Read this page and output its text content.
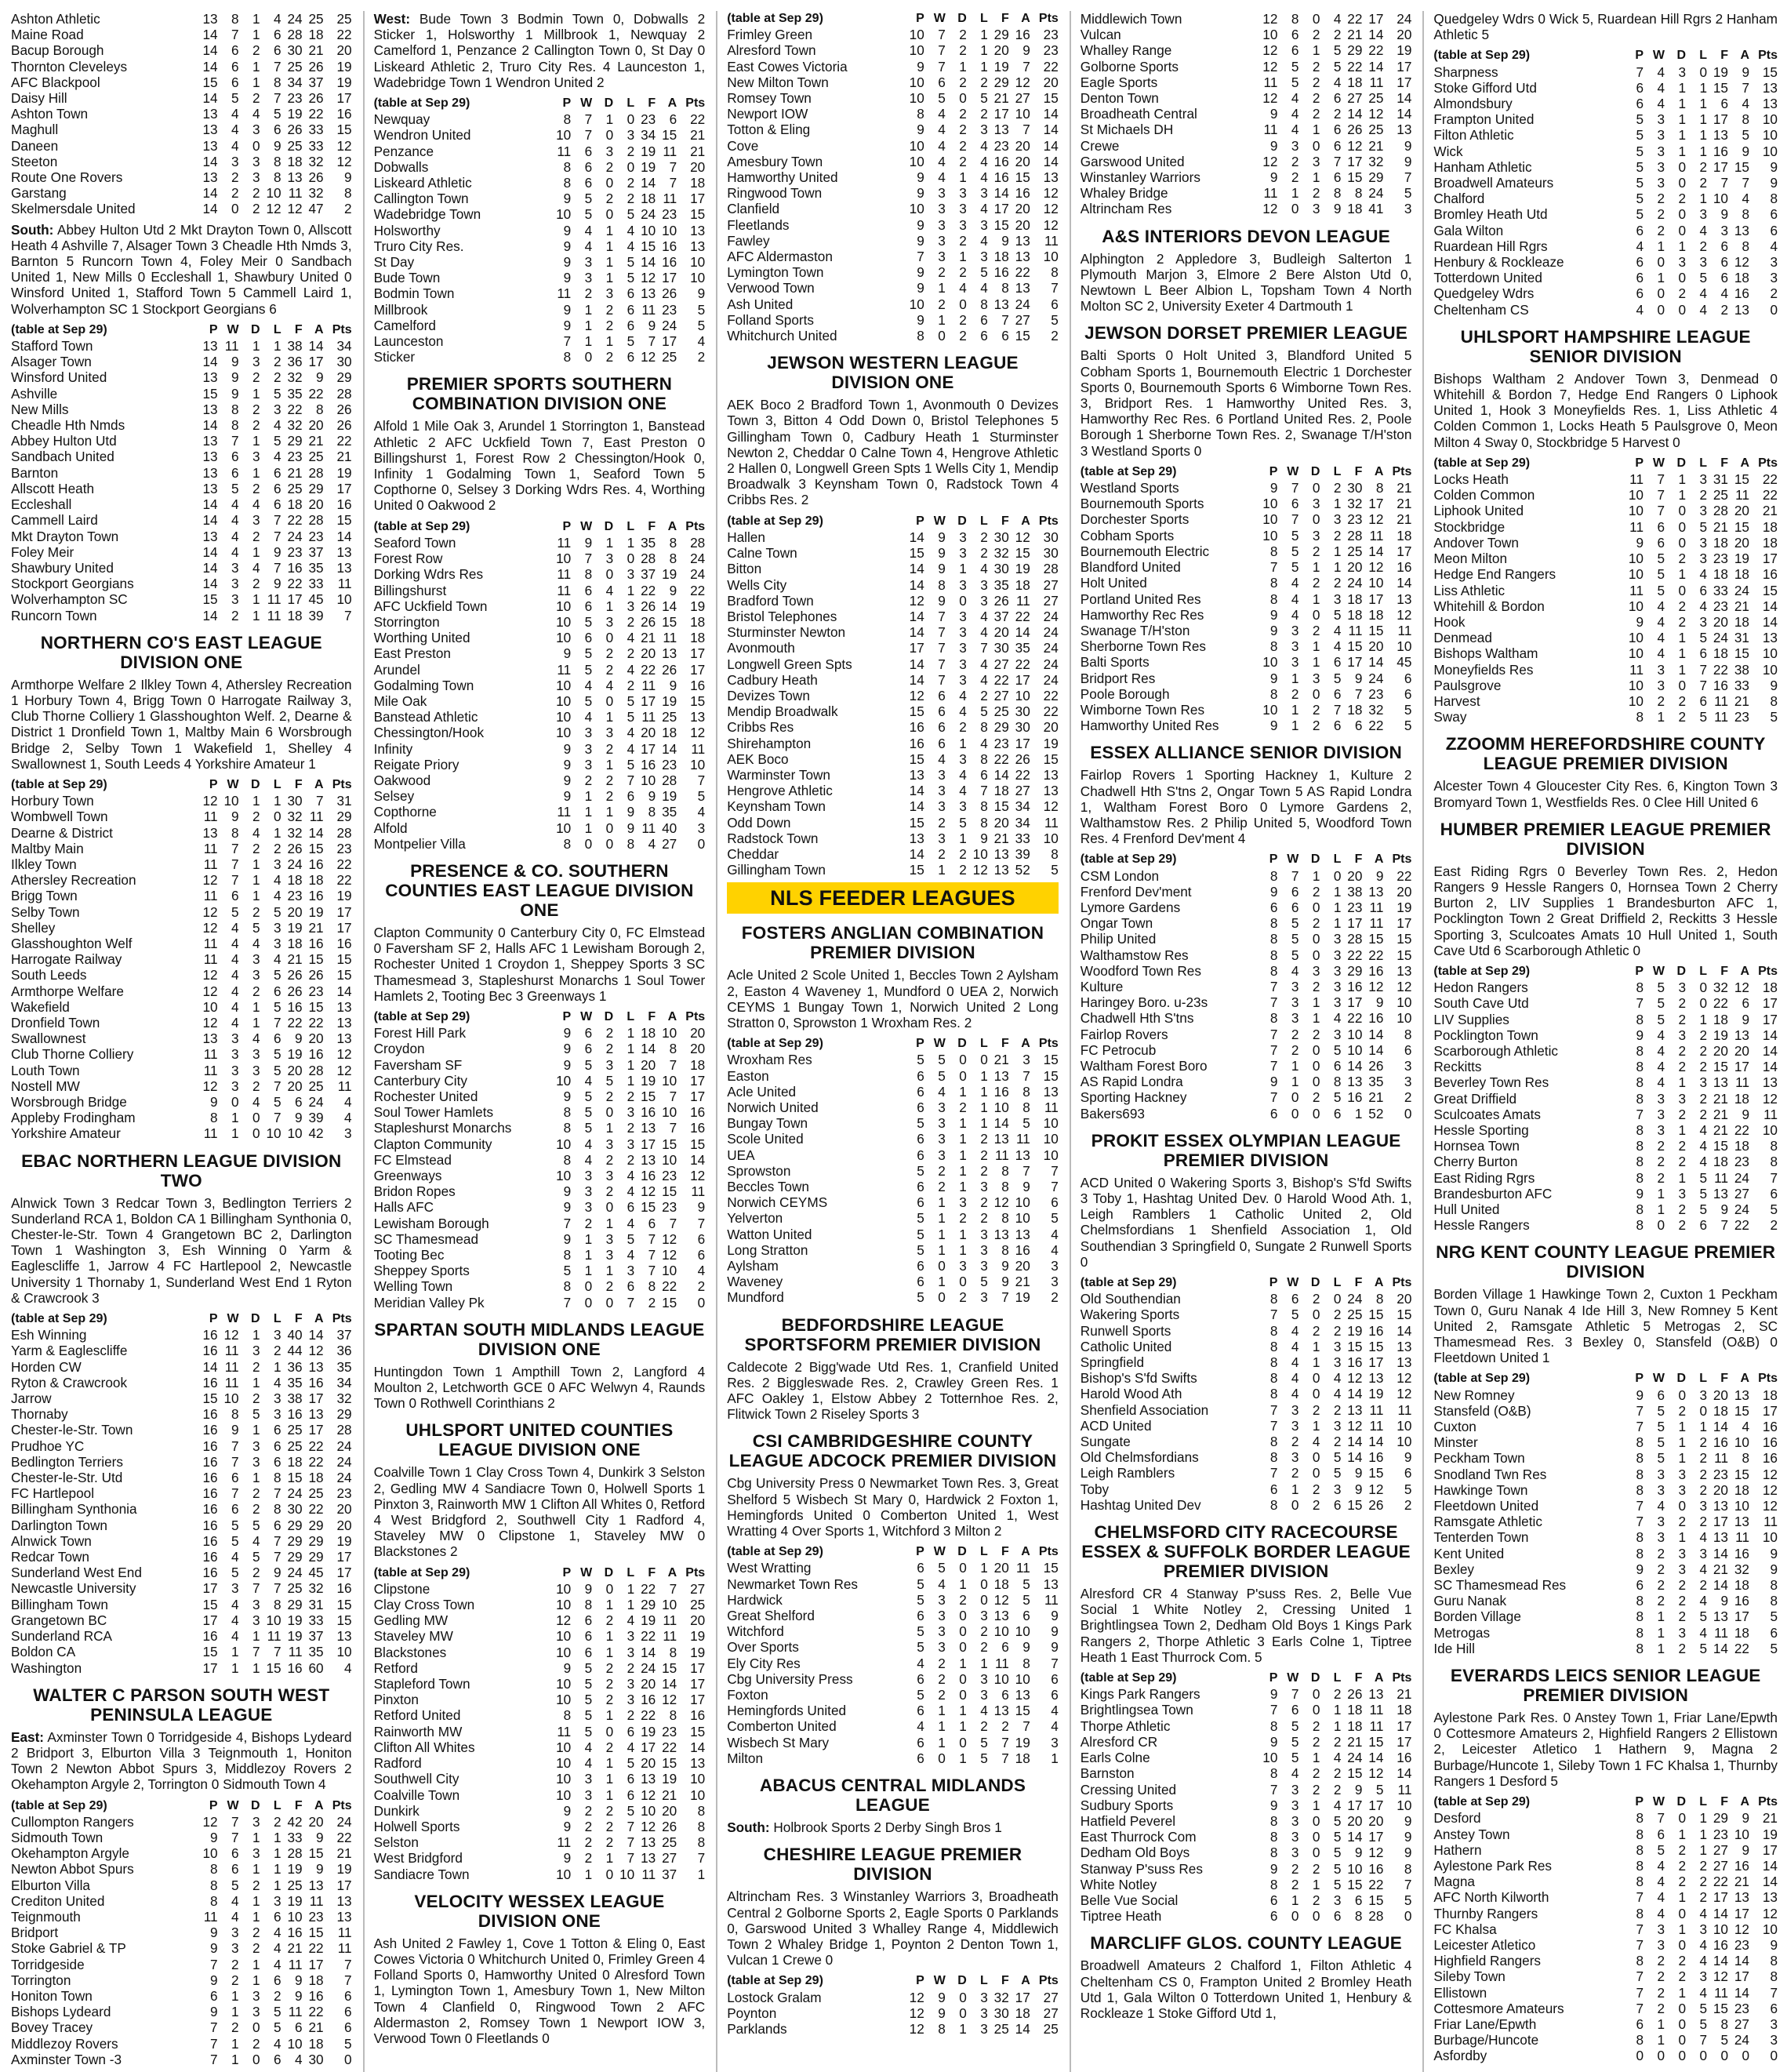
Ashton Athletic	13	8	1	4	24	25	25
Maine Road	14	7	1	6	28	18	22
Bacup Borough	14	6	2	6	30	21	20
Thornton Cleveleys	14	6	1	7	25	26	19
AFC Blackpool	15	6	1	8	34	37	19
Daisy Hill	14	5	2	7	23	26	17
Ashton Town	13	4	4	5	19	22	16
Maghull	13	4	3	6	26	33	15
Daneen	13	4	0	9	25	33	12
Steeton	14	3	3	8	18	32	12
Route One Rovers	13	2	3	8	13	26	9
Garstang	14	2	2	10	11	32	8
Skelmersdale United	14	0	2	12	12	47	2
South: Abbey Hulton Utd 2 Mkt Drayton Town 0, Allscott Heath 4 Ashville 7, Alsager Town 3 Cheadle Hth Nmds 3, Barnton 5 Runcorn Town 4, Foley Meir 0 Sandbach United 1, New Mills 0 Eccleshall 1, Shawbury United 0 Winsford United 1, Stafford Town 5 Cammell Laird 1, Wolverhampton SC 1 Stockport Georgians 6
(table at Sep 29)	P	W	D	L	F	A	Pts
Stafford Town	13	11	1	1	38	14	34
Alsager Town	14	9	3	2	36	17	30
Winsford United	13	9	2	2	32	9	29
Ashville	15	9	1	5	35	22	28
New Mills	13	8	2	3	22	8	26
Cheadle Hth Nmds	14	8	2	4	32	20	26
Abbey Hulton Utd	13	7	1	5	29	21	22
Sandbach United	13	6	3	4	23	25	21
Barnton	13	6	1	6	21	28	19
Allscott Heath	13	5	2	6	25	29	17
Eccleshall	14	4	4	6	18	20	16
Cammell Laird	14	4	3	7	22	28	15
Mkt Drayton Town	13	4	2	7	24	23	14
Foley Meir	14	4	1	9	23	37	13
Shawbury United	14	3	4	7	16	35	13
Stockport Georgians	14	3	2	9	22	33	11
Wolverhampton SC	15	3	1	11	17	45	10
Runcorn Town	14	2	1	11	18	39	7
NORTHERN CO'S EAST LEAGUE DIVISION ONE
Armthorpe Welfare 2 Ilkley Town 4, Athersley Recreation 1 Horbury Town 4, Brigg Town 0 Harrogate Railway 3, Club Thorne Colliery 1 Glasshoughton Welf. 2, Dearne & District 1 Dronfield Town 1, Maltby Main 6 Worsbrough Bridge 2, Selby Town 1 Wakefield 1, Shelley 4 Swallownest 1, South Leeds 4 Yorkshire Amateur 1
(table at Sep 29)	P	W	D	L	F	A	Pts
Horbury Town	12	10	1	1	30	7	31
Wombwell Town	11	9	2	0	32	11	29
Dearne & District	13	8	4	1	32	14	28
Maltby Main	11	7	2	2	26	15	23
Ilkley Town	11	7	1	3	24	16	22
Athersley Recreation	12	7	1	4	18	18	22
Brigg Town	11	6	1	4	23	16	19
Selby Town	12	5	2	5	20	19	17
Shelley	12	4	5	3	19	21	17
Glasshoughton Welf	11	4	4	3	18	16	16
Harrogate Railway	11	4	3	4	21	15	15
South Leeds	12	4	3	5	26	26	15
Armthorpe Welfare	12	4	2	6	26	23	14
Wakefield	10	4	1	5	16	15	13
Dronfield Town	12	4	1	7	22	22	13
Swallownest	13	3	4	6	9	20	13
Club Thorne Colliery	11	3	3	5	19	16	12
Louth Town	11	3	3	5	20	28	12
Nostell MW	12	3	2	7	20	25	11
Worsbrough Bridge	9	0	4	5	6	24	4
Appleby Frodingham	8	1	0	7	9	39	4
Yorkshire Amateur	11	1	0	10	10	42	3
EBAC NORTHERN LEAGUE DIVISION TWO
Alnwick Town 3 Redcar Town 3, Bedlington Terriers 2 Sunderland RCA 1, Boldon CA 1 Billingham Synthonia 0, Chester-le-Str. Town 4 Grangetown BC 2, Darlington Town 1 Washington 3, Esh Winning 0 Yarm & Eaglescliffe 1, Jarrow 4 FC Hartlepool 2, Newcastle University 1 Thornaby 1, Sunderland West End 1 Ryton & Crawcrook 3
(table at Sep 29)	P	W	D	L	F	A	Pts
Esh Winning	16	12	1	3	40	14	37
Yarm & Eaglescliffe	16	11	3	2	44	12	36
Horden CW	14	11	2	1	36	13	35
Ryton & Crawcrook	16	11	1	4	35	16	34
Jarrow	15	10	2	3	38	17	32
Thornaby	16	8	5	3	16	13	29
Chester-le-Str. Town	16	9	1	6	25	17	28
Prudhoe YC	16	7	3	6	25	22	24
Bedlington Terriers	16	7	3	6	18	22	24
Chester-le-Str. Utd	16	6	1	8	15	18	24
FC Hartlepool	16	7	2	7	24	25	23
Billingham Synthonia	16	6	2	8	30	22	20
Darlington Town	16	5	5	6	29	29	20
Alnwick Town	16	5	4	7	29	29	19
Redcar Town	16	4	5	7	29	29	17
Sunderland West End	16	5	2	9	24	45	17
Newcastle University	17	3	7	7	25	32	16
Billingham Town	15	4	3	8	29	31	15
Grangetown BC	17	4	3	10	19	33	15
Sunderland RCA	16	4	1	11	19	37	13
Boldon CA	15	1	7	7	11	35	10
Washington	17	1	1	15	16	60	4
WALTER C PARSON SOUTH WEST PENINSULA LEAGUE
East: Axminster Town 0 Torridgeside 4, Bishops Lydeard 2 Bridport 3, Elburton Villa 3 Teignmouth 1, Honiton Town 2 Newton Abbot Spurs 3, Middlezoy Rovers 2 Okehampton Argyle 2, Torrington 0 Sidmouth Town 4
(table at Sep 29)	P	W	D	L	F	A	Pts
Cullompton Rangers	12	7	3	2	42	20	24
Sidmouth Town	9	7	1	1	33	9	22
Okehampton Argyle	10	6	3	1	28	15	21
Newton Abbot Spurs	8	6	1	1	19	9	19
Elburton Villa	8	5	2	1	25	13	17
Crediton United	8	4	1	3	19	11	13
Teignmouth	11	4	1	6	10	23	13
Bridport	9	3	2	4	16	15	11
Stoke Gabriel & TP	9	3	2	4	21	22	11
Torridgeside	7	2	1	4	11	17	7
Torrington	9	2	1	6	9	18	7
Honiton Town	6	1	3	2	9	16	6
Bishops Lydeard	9	1	3	5	11	22	6
Bovey Tracey	7	2	0	5	6	21	6
Middlezoy Rovers	7	1	2	4	10	18	5
Axminster Town -3	7	1	0	6	4	30	0
West: Bude Town 3 Bodmin Town 0, Dobwalls 2 Sticker 1, Holsworthy 1 Millbrook 1, Newquay 2 Camelford 1, Penzance 2 Callington Town 0, St Day 0 Liskeard Athletic 2, Truro City Res. 4 Launceston 1, Wadebridge Town 1 Wendron United 2
(table at Sep 29)	P	W	D	L	F	A	Pts
Newquay	8	7	1	0	23	6	22
Wendron United	10	7	0	3	34	15	21
Penzance	11	6	3	2	19	11	21
Dobwalls	8	6	2	0	19	7	20
Liskeard Athletic	8	6	0	2	14	7	18
Callington Town	9	5	2	2	18	11	17
Wadebridge Town	10	5	0	5	24	23	15
Holsworthy	9	4	1	4	10	10	13
Truro City Res.	9	4	1	4	15	16	13
St Day	9	3	1	5	14	16	10
Bude Town	9	3	1	5	12	17	10
Bodmin Town	11	2	3	6	13	26	9
Millbrook	9	1	2	6	11	23	5
Camelford	9	1	2	6	9	24	5
Launceston	7	1	1	5	7	17	4
Sticker	8	0	2	6	12	25	2
PREMIER SPORTS SOUTHERN COMBINATION DIVISION ONE
Alfold 1 Mile Oak 3, Arundel 1 Storrington 1, Banstead Athletic 2 AFC Uckfield Town 7, East Preston 0 Billingshurst 1, Forest Row 2 Chessington/Hook 0, Infinity 1 Godalming Town 1, Seaford Town 5 Copthorne 0, Selsey 3 Dorking Wdrs Res. 4, Worthing United 0 Oakwood 2
(table at Sep 29)	P	W	D	L	F	A	Pts
Seaford Town	11	9	1	1	35	8	28
Forest Row	10	7	3	0	28	8	24
Dorking Wdrs Res	11	8	0	3	37	19	24
Billingshurst	11	6	4	1	22	9	22
AFC Uckfield Town	10	6	1	3	26	14	19
Storrington	10	5	3	2	26	15	18
Worthing United	10	6	0	4	21	11	18
East Preston	9	5	2	2	20	13	17
Arundel	11	5	2	4	22	26	17
Godalming Town	10	4	4	2	11	9	16
Mile Oak	10	5	0	5	17	19	15
Banstead Athletic	10	4	1	5	11	25	13
Chessington/Hook	10	3	3	4	20	18	12
Infinity	9	3	2	4	17	14	11
Reigate Priory	9	3	1	5	16	23	10
Oakwood	9	2	2	7	10	28	7
Selsey	9	1	2	6	9	19	5
Copthorne	11	1	1	9	8	35	4
Alfold	10	1	0	9	11	40	3
Montpelier Villa	8	0	0	8	4	27	0
PRESENCE & CO. SOUTHERN COUNTIES EAST LEAGUE DIVISION ONE
Clapton Community 0 Canterbury City 0, FC Elmstead 0 Faversham SF 2, Halls AFC 1 Lewisham Borough 2, Rochester United 1 Croydon 1, Sheppey Sports 3 SC Thamesmead 3, Stapleshurst Monarchs 1 Soul Tower Hamlets 2, Tooting Bec 3 Greenways 1
(table at Sep 29)	P	W	D	L	F	A	Pts
Forest Hill Park	9	6	2	1	18	10	20
Croydon	9	6	2	1	14	8	20
Faversham SF	9	5	3	1	20	7	18
Canterbury City	10	4	5	1	19	10	17
Rochester United	9	5	2	2	15	7	17
Soul Tower Hamlets	8	5	0	3	16	10	16
Stapleshurst Monarchs	8	5	1	2	13	7	16
Clapton Community	10	4	3	3	17	15	15
FC Elmstead	8	4	2	2	13	10	14
Greenways	10	3	3	4	16	23	12
Bridon Ropes	9	3	2	4	12	15	11
Halls AFC	9	3	0	6	15	23	9
Lewisham Borough	7	2	1	4	6	7	7
SC Thamesmead	9	1	3	5	7	12	6
Tooting Bec	8	1	3	4	7	12	6
Sheppey Sports	5	1	1	3	7	10	4
Welling Town	8	0	2	6	8	22	2
Meridian Valley Pk	7	0	0	7	2	15	0
SPARTAN SOUTH MIDLANDS LEAGUE DIVISION ONE
Huntingdon Town 1 Ampthill Town 2, Langford 4 Moulton 2, Letchworth GCE 0 AFC Welwyn 4, Raunds Town 0 Rothwell Corinthians 2
UHLSPORT UNITED COUNTIES LEAGUE DIVISION ONE
Coalville Town 1 Clay Cross Town 4, Dunkirk 3 Selston 2, Gedling MW 4 Sandiacre Town 0, Holwell Sports 1 Pinxton 3, Rainworth MW 1 Clifton All Whites 0, Retford 4 West Bridgford 2, Southwell City 1 Radford 4, Staveley MW 0 Clipstone 1, Staveley MW 0 Blackstones 2
(table at Sep 29)	P	W	D	L	F	A	Pts
Clipstone	10	9	0	1	22	7	27
Clay Cross Town	10	8	1	1	29	10	25
Gedling MW	12	6	2	4	19	11	20
Staveley MW	10	6	1	3	22	11	19
Blackstones	10	6	1	3	14	8	19
Retford	9	5	2	2	24	15	17
Stapleford Town	10	5	2	3	20	14	17
Pinxton	10	5	2	3	16	12	17
Retford United	8	5	1	2	22	8	16
Rainworth MW	11	5	0	6	19	23	15
Clifton All Whites	10	4	2	4	17	22	14
Radford	10	4	1	5	20	15	13
Southwell City	10	3	1	6	13	19	10
Coalville Town	10	3	1	6	12	21	10
Dunkirk	9	2	2	5	10	20	8
Holwell Sports	9	2	2	7	12	26	8
Selston	11	2	2	7	13	25	8
West Bridgford	9	2	1	7	13	27	7
Sandiacre Town	10	1	0	10	11	37	1
VELOCITY WESSEX LEAGUE DIVISION ONE
Ash United 2 Fawley 1, Cove 1 Totton & Eling 0, East Cowes Victoria 0 Whitchurch United 0, Frimley Green 4 Folland Sports 0, Hamworthy United 0 Alresford Town 1, Lymington Town 1, Amesbury Town 1, New Milton Town 4 Clanfield 0, Ringwood Town 2 AFC Aldermaston 2, Romsey Town 1 Newport IOW 3, Verwood Town 0 Fleetlands 0
(table at Sep 29)	P	W	D	L	F	A	Pts
Frimley Green	10	7	2	1	29	16	23
Alresford Town	10	7	2	1	20	9	23
East Cowes Victoria	9	7	1	1	19	7	22
New Milton Town	10	6	2	2	29	12	20
Romsey Town	10	5	0	5	21	27	15
Newport IOW	8	4	2	2	17	10	14
Totton & Eling	9	4	2	3	13	7	14
Cove	10	4	2	4	23	20	14
Amesbury Town	10	4	2	4	16	20	14
Hamworthy United	9	4	1	4	16	15	13
Ringwood Town	9	3	3	3	14	16	12
Clanfield	10	3	3	4	17	20	12
Fleetlands	9	3	3	3	15	20	12
Fawley	9	3	2	4	9	13	11
AFC Aldermaston	7	3	1	3	18	13	10
Lymington Town	9	2	2	5	16	22	8
Verwood Town	9	1	4	4	8	13	7
Ash United	10	2	0	8	13	24	6
Folland Sports	9	1	2	6	7	27	5
Whitchurch United	8	0	2	6	6	15	2
JEWSON WESTERN LEAGUE DIVISION ONE
AEK Boco 2 Bradford Town 1, Avonmouth 0 Devizes Town 3, Bitton 4 Odd Down 0, Bristol Telephones 5 Gillingham Town 0, Cadbury Heath 1 Sturminster Newton 2, Cheddar 0 Calne Town 4, Hengrove Athletic 2 Hallen 0, Longwell Green Spts 1 Wells City 1, Mendip Broadwalk 3 Keynsham Town 0, Radstock Town 4 Cribbs Res. 2
(table at Sep 29)	P	W	D	L	F	A	Pts
Hallen	14	9	3	2	30	12	30
Calne Town	15	9	3	2	32	15	30
Bitton	14	9	1	4	30	19	28
Wells City	14	8	3	3	35	18	27
Bradford Town	12	9	0	3	26	11	27
Bristol Telephones	14	7	3	4	37	22	24
Sturminster Newton	14	7	3	4	20	14	24
Avonmouth	17	7	3	7	30	35	24
Longwell Green Spts	14	7	3	4	27	22	24
Cadbury Heath	14	7	3	4	22	17	24
Devizes Town	12	6	4	2	27	10	22
Mendip Broadwalk	15	6	4	5	25	30	22
Cribbs Res	16	6	2	8	29	30	20
Shirehampton	16	6	1	4	23	17	19
AEK Boco	15	4	3	8	22	26	15
Warminster Town	13	3	4	6	14	22	13
Hengrove Athletic	14	3	4	7	18	27	13
Keynsham Town	14	3	3	8	15	34	12
Odd Down	15	2	5	8	20	34	11
Radstock Town	13	3	1	9	21	33	10
Cheddar	14	2	2	10	13	39	8
Gillingham Town	15	1	2	12	13	52	5
NLS FEEDER LEAGUES
FOSTERS ANGLIAN COMBINATION PREMIER DIVISION
Acle United 2 Scole United 1, Beccles Town 2 Aylsham 2, Easton 4 Waveney 1, Mundford 0 UEA 2, Norwich CEYMS 1 Bungay Town 1, Norwich United 2 Long Stratton 0, Sprowston 1 Wroxham Res. 2
(table at Sep 29)	P	W	D	L	F	A	Pts
Wroxham Res	5	5	0	0	21	3	15
Easton	6	5	0	1	13	7	15
Acle United	6	4	1	1	16	8	13
Norwich United	6	3	2	1	10	8	11
Bungay Town	5	3	1	1	14	5	10
Scole United	6	3	1	2	13	11	10
UEA	6	3	1	2	11	13	10
Sprowston	5	2	1	2	8	7	7
Beccles Town	6	2	1	3	8	9	7
Norwich CEYMS	6	1	3	2	12	10	6
Yelverton	5	1	2	2	8	10	5
Watton United	5	1	1	3	13	13	4
Long Stratton	5	1	1	3	8	16	4
Aylsham	6	0	3	3	9	20	3
Waveney	6	1	0	5	9	21	3
Mundford	5	0	2	3	7	19	2
BEDFORDSHIRE LEAGUE SPORTSFORM PREMIER DIVISION
Caldecote 2 Bigg'wade Utd Res. 1, Cranfield United Res. 2 Biggleswade Res. 2, Crawley Green Res. 1 AFC Oakley 1, Elstow Abbey 2 Totternhoe Res. 2, Flitwick Town 2 Riseley Sports 3
CSI CAMBRIDGESHIRE COUNTY LEAGUE ADCOCK PREMIER DIVISION
Cbg University Press 0 Newmarket Town Res. 3, Great Shelford 5 Wisbech St Mary 0, Hardwick 2 Foxton 1, Hemingfords United 0 Comberton United 1, West Wratting 4 Over Sports 1, Witchford 3 Milton 2
(table at Sep 29)	P	W	D	L	F	A	Pts
West Wratting	6	5	0	1	20	11	15
Newmarket Town Res	5	4	1	0	18	5	13
Hardwick	5	3	2	0	12	5	11
Great Shelford	6	3	0	3	13	6	9
Witchford	5	3	0	2	10	10	9
Over Sports	5	3	0	2	6	9	9
Ely City Res	4	2	1	1	11	8	7
Cbg University Press	6	2	0	3	10	10	6
Foxton	5	2	0	3	6	13	6
Hemingfords United	6	1	1	4	13	15	4
Comberton United	4	1	1	2	2	7	4
Wisbech St Mary	6	1	0	5	7	19	3
Milton	6	0	1	5	7	18	1
ABACUS CENTRAL MIDLANDS LEAGUE
South: Holbrook Sports 2 Derby Singh Bros 1
CHESHIRE LEAGUE PREMIER DIVISION
Altrincham Res. 3 Winstanley Warriors 3, Broadheath Central 2 Golborne Sports 2, Eagle Sports 0 Parklands 0, Garswood United 3 Whalley Range 4, Middlewich Town 2 Whaley Bridge 1, Poynton 2 Denton Town 1, Vulcan 1 Crewe 0
(table at Sep 29)	P	W	D	L	F	A	Pts
Lostock Gralam	12	9	0	3	32	17	27
Poynton	12	9	0	3	30	18	27
Parklands	12	8	1	3	25	14	25

Middlewich Town	12	8	0	4	22	17	24
Vulcan	10	6	2	2	21	14	20
Whalley Range	12	6	1	5	29	22	19
Golborne Sports	12	5	2	5	22	14	17
Eagle Sports	11	5	2	4	18	11	17
Denton Town	12	4	2	6	27	25	14
Broadheath Central	9	4	2	2	14	12	14
St Michaels DH	11	4	1	6	26	25	13
Crewe	9	3	0	6	12	21	9
Garswood United	12	2	3	7	17	32	9
Winstanley Warriors	9	2	1	6	15	29	7
Whaley Bridge	11	1	2	8	8	24	5
Altrincham Res	12	0	3	9	18	41	3
A&S INTERIORS DEVON LEAGUE
Alphington 2 Appledore 3, Budleigh Salterton 1 Plymouth Marjon 3, Elmore 2 Bere Alston Utd 0, Newtown L Beer Albion L, Topsham Town 4 North Molton SC 2, University Exeter 4 Dartmouth 1
JEWSON DORSET PREMIER LEAGUE
Balti Sports 0 Holt United 3, Blandford United 5 Cobham Sports 1, Bournemouth Electric 1 Dorchester Sports 0, Bournemouth Sports 6 Wimborne Town Res. 3, Bridport Res. 1 Hamworthy United Res. 3, Hamworthy Rec Res. 6 Portland United Res. 2, Poole Borough 1 Sherborne Town Res. 2, Swanage T/H'ston 3 Westland Sports 0
(table at Sep 29)	P	W	D	L	F	A	Pts
Westland Sports	9	7	0	2	30	8	21
Bournemouth Sports	10	6	3	1	32	17	21
Dorchester Sports	10	7	0	3	23	12	21
Cobham Sports	10	5	3	2	28	11	18
Bournemouth Electric	8	5	2	1	25	14	17
Blandford United	7	5	1	1	20	12	16
Holt United	8	4	2	2	24	10	14
Portland United Res	8	4	1	3	18	17	13
Hamworthy Rec Res	9	4	0	5	18	18	12
Swanage T/H'ston	9	3	2	4	11	15	11
Sherborne Town Res	8	3	1	4	15	20	10
Balti Sports	10	3	1	6	17	14	45
Bridport Res	9	1	3	5	9	24	6
Poole Borough	8	2	0	6	7	23	6
Wimborne Town Res	10	1	2	7	18	32	5
Hamworthy United Res	9	1	2	6	6	22	5
ESSEX ALLIANCE SENIOR DIVISION
Fairlop Rovers 1 Sporting Hackney 1, Kulture 2 Chadwell Hth S'tns 2, Ongar Town 5 AS Rapid Londra 1, Waltham Forest Boro 0 Lymore Gardens 2, Walthamstow Res. 2 Philip United 5, Woodford Town Res. 4 Frenford Dev'ment 4
(table at Sep 29)	P	W	D	L	F	A	Pts
CSM London	8	7	1	0	20	9	22
Frenford Dev'ment	9	6	2	1	38	13	20
Lymore Gardens	6	6	0	1	23	11	19
Ongar Town	8	5	2	1	17	11	17
Philip United	8	5	0	3	28	15	15
Walthamstow Res	8	5	0	3	22	22	15
Woodford Town Res	8	4	3	3	29	16	13
Kulture	7	3	2	3	16	12	12
Haringey Boro. u-23s	7	3	1	3	17	9	10
Chadwell Hth S'tns	8	3	1	4	22	16	10
Fairlop Rovers	7	2	2	3	10	14	8
FC Petrocub	7	2	0	5	10	14	6
Waltham Forest Boro	7	1	0	6	14	26	3
AS Rapid Londra	9	1	0	8	13	35	3
Sporting Hackney	7	0	2	5	16	21	2
Bakers693	6	0	0	6	1	52	0
PROKIT ESSEX OLYMPIAN LEAGUE PREMIER DIVISION
ACD United 0 Wakering Sports 3, Bishop's S'fd Swifts 3 Toby 1, Hashtag United Dev. 0 Harold Wood Ath. 1, Leigh Ramblers 1 Catholic United 2, Old Chelmsfordians 1 Shenfield Association 1, Old Southendian 3 Springfield 0, Sungate 2 Runwell Sports 0
(table at Sep 29)	P	W	D	L	F	A	Pts
Old Southendian	8	6	2	0	24	8	20
Wakering Sports	7	5	0	2	25	15	15
Runwell Sports	8	4	2	2	19	16	14
Catholic United	8	4	1	3	15	15	13
Springfield	8	4	1	3	16	17	13
Bishop's S'fd Swifts	8	4	0	4	12	13	12
Harold Wood Ath	8	4	0	4	14	19	12
Shenfield Association	7	3	2	2	13	11	11
ACD United	7	3	1	3	12	11	10
Sungate	8	2	4	2	14	14	10
Old Chelmsfordians	8	3	0	5	14	16	9
Leigh Ramblers	7	2	0	5	9	15	6
Toby	6	1	2	3	9	12	5
Hashtag United Dev	8	0	2	6	15	26	2
CHELMSFORD CITY RACECOURSE ESSEX & SUFFOLK BORDER LEAGUE PREMIER DIVISION
Alresford CR 4 Stanway P'suss Res. 2, Belle Vue Social 1 White Notley 2, Cressing United 1 Brightlingsea Town 2, Dedham Old Boys 1 Kings Park Rangers 2, Thorpe Athletic 3 Earls Colne 1, Tiptree Heath 1 East Thurrock Com. 5
(table at Sep 29)	P	W	D	L	F	A	Pts
Kings Park Rangers	9	7	0	2	26	13	21
Brightlingsea Town	7	6	0	1	18	11	18
Thorpe Athletic	8	5	2	1	18	11	17
Alresford CR	9	5	2	2	21	15	17
Earls Colne	10	5	1	4	24	14	16
Barnston	8	4	2	2	15	12	14
Cressing United	7	3	2	2	9	5	11
Sudbury Sports	9	3	1	4	17	17	10
Hatfield Peverel	8	3	0	5	20	20	9
East Thurrock Com	8	3	0	5	14	17	9
Dedham Old Boys	8	3	0	5	9	12	9
Stanway P'suss Res	9	2	2	5	10	16	8
White Notley	8	2	1	5	15	22	7
Belle Vue Social	6	1	2	3	6	15	5
Tiptree Heath	6	0	0	6	8	28	0
MARCLIFF GLOS. COUNTY LEAGUE
Broadwell Amateurs 2 Chalford 1, Filton Athletic 4 Cheltenham CS 0, Frampton United 2 Bromley Heath Utd 1, Gala Wilton 0 Totterdown United 1, Henbury & Rockleaze 1 Stoke Gifford Utd 1,
Quedgeley Wdrs 0 Wick 5, Ruardean Hill Rgrs 2 Hanham Athletic 5
(table at Sep 29)	P	W	D	L	F	A	Pts
Sharpness	7	4	3	0	19	9	15
Stoke Gifford Utd	6	4	1	1	15	7	13
Almondsbury	6	4	1	1	6	4	13
Frampton United	5	3	1	1	17	8	10
Filton Athletic	5	3	1	1	13	5	10
Wick	5	3	1	1	16	9	10
Hanham Athletic	5	3	0	2	17	15	9
Broadwell Amateurs	5	3	0	2	7	7	9
Chalford	5	2	2	1	10	4	8
Bromley Heath Utd	5	2	0	3	9	8	6
Gala Wilton	6	2	0	4	3	13	6
Ruardean Hill Rgrs	4	1	1	2	6	8	4
Henbury & Rockleaze	6	0	3	3	6	12	3
Totterdown United	6	1	0	5	6	18	3
Quedgeley Wdrs	6	0	2	4	4	16	2
Cheltenham CS	4	0	0	4	2	13	0
UHLSPORT HAMPSHIRE LEAGUE SENIOR DIVISION
Bishops Waltham 2 Andover Town 3, Denmead 0 Whitehill & Bordon 7, Hedge End Rangers 0 Liphook United 1, Hook 3 Moneyfields Res. 1, Liss Athletic 4 Colden Common 1, Locks Heath 5 Paulsgrove 0, Meon Milton 4 Sway 0, Stockbridge 5 Harvest 0
(table at Sep 29)	P	W	D	L	F	A	Pts
Locks Heath	11	7	1	3	31	15	22
Colden Common	10	7	1	2	25	11	22
Liphook United	10	7	0	3	28	20	21
Stockbridge	11	6	0	5	21	15	18
Andover Town	9	6	0	3	18	20	18
Meon Milton	10	5	2	3	23	19	17
Hedge End Rangers	10	5	1	4	18	18	16
Liss Athletic	11	5	0	6	33	24	15
Whitehill & Bordon	10	4	2	4	23	21	14
Hook	9	4	2	3	20	18	14
Denmead	10	4	1	5	24	31	13
Bishops Waltham	10	4	1	6	18	15	10
Moneyfields Res	11	3	1	7	22	38	10
Paulsgrove	10	3	0	7	16	33	9
Harvest	10	2	2	6	11	21	8
Sway	8	1	2	5	11	23	5
ZZOOMM HEREFORDSHIRE COUNTY LEAGUE PREMIER DIVISION
Alcester Town 4 Gloucester City Res. 6, Kington Town 3 Bromyard Town 1, Westfields Res. 0 Clee Hill United 6
HUMBER PREMIER LEAGUE PREMIER DIVISION
East Riding Rgrs 0 Beverley Town Res. 2, Hedon Rangers 9 Hessle Rangers 0, Hornsea Town 2 Cherry Burton 2, LIV Supplies 1 Brandesburton AFC 1, Pocklington Town 2 Great Driffield 2, Reckitts 3 Hessle Sporting 3, Sculcoates Amats 10 Hull United 1, South Cave Utd 6 Scarborough Athletic 0
(table at Sep 29)	P	W	D	L	F	A	Pts
Hedon Rangers	8	5	3	0	32	12	18
South Cave Utd	7	5	2	0	22	6	17
LIV Supplies	8	5	2	1	18	9	17
Pocklington Town	9	4	3	2	19	13	14
Scarborough Athletic	8	4	2	2	20	20	14
Reckitts	8	4	2	2	15	17	14
Beverley Town Res	8	4	1	3	13	11	13
Great Driffield	8	3	3	2	21	18	12
Sculcoates Amats	7	3	2	2	21	9	11
Hessle Sporting	8	3	1	4	21	22	10
Hornsea Town	8	2	2	4	15	18	8
Cherry Burton	8	2	2	4	18	23	8
East Riding Rgrs	8	2	1	5	11	24	7
Brandesburton AFC	9	1	3	5	13	27	6
Hull United	8	1	2	5	9	24	5
Hessle Rangers	8	0	2	6	7	22	2
NRG KENT COUNTY LEAGUE PREMIER DIVISION
Borden Village 1 Hawkinge Town 2, Cuxton 1 Peckham Town 0, Guru Nanak 4 Ide Hill 3, New Romney 5 Kent United 2, Ramsgate Athletic 5 Metrogas 2, SC Thamesmead Res. 3 Bexley 0, Stansfeld (O&B) 0 Fleetdown United 1
(table at Sep 29)	P	W	D	L	F	A	Pts
New Romney	9	6	0	3	20	13	18
Stansfeld (O&B)	7	5	2	0	18	15	17
Cuxton	7	5	1	1	14	4	16
Minster	8	5	1	2	16	10	16
Peckham Town	8	5	1	2	11	8	16
Snodland Twn Res	8	3	3	2	23	15	12
Hawkinge Town	8	3	3	2	20	18	12
Fleetdown United	7	4	0	3	13	10	12
Ramsgate Athletic	7	3	2	2	17	13	11
Tenterden Town	8	3	1	4	13	11	10
Kent United	8	2	3	3	14	16	9
Bexley	9	2	3	4	21	32	9
SC Thamesmead Res	6	2	2	2	14	18	8
Guru Nanak	8	2	2	4	9	16	8
Borden Village	8	1	2	5	13	17	5
Metrogas	8	1	3	4	11	18	6
Ide Hill	8	1	2	5	14	22	5
EVERARDS LEICS SENIOR LEAGUE PREMIER DIVISION
Aylestone Park Res. 0 Anstey Town 1, Friar Lane/Epwth 0 Cottesmore Amateurs 2, Highfield Rangers 2 Ellistown 2, Leicester Atletico 1 Hathern 9, Magna 2 Burbage/Huncote 1, Sileby Town 1 FC Khalsa 1, Thurnby Rangers 1 Desford 5
(table at Sep 29)	P	W	D	L	F	A	Pts
Desford	8	7	0	1	29	9	21
Anstey Town	8	6	1	1	23	10	19
Hathern	8	5	2	1	27	9	17
Aylestone Park Res	8	4	2	2	27	16	14
Magna	8	4	2	2	22	21	14
AFC North Kilworth	7	4	1	2	17	13	13
Thurnby Rangers	8	4	0	4	14	17	12
FC Khalsa	7	3	1	3	10	12	10
Leicester Atletico	7	3	0	4	16	23	9
Highfield Rangers	8	2	2	4	14	14	8
Sileby Town	7	2	2	3	12	17	8
Ellistown	7	2	1	4	11	14	7
Cottesmore Amateurs	7	2	0	5	15	23	6
Friar Lane/Epwth	6	1	0	5	8	27	3
Burbage/Huncote	8	1	0	7	5	24	3
Asfordby	0	0	0	0	0	0	0
